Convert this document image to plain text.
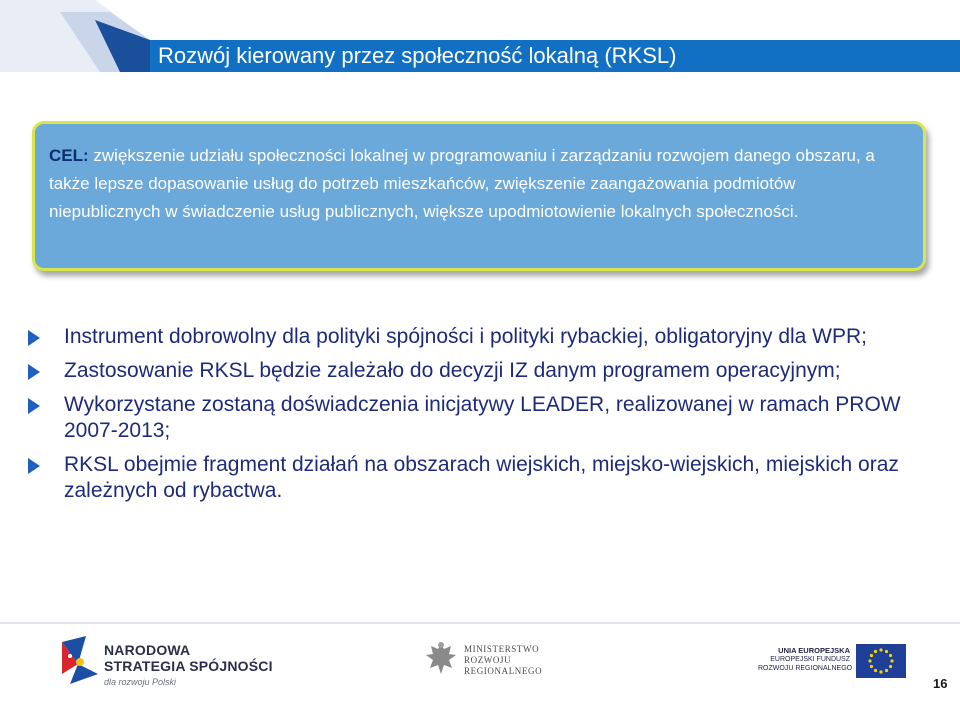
Rozwój kierowany przez społeczność lokalną (RKSL)
CEL: zwiększenie udziału społeczności lokalnej w programowaniu i zarządzaniu rozwojem danego obszaru, a także lepsze dopasowanie usług do potrzeb mieszkańców, zwiększenie zaangażowania podmiotów niepublicznych w świadczenie usług publicznych, większe upodmiotowienie lokalnych społeczności.
Instrument dobrowolny dla polityki spójności i polityki rybackiej, obligatoryjny dla WPR;
Zastosowanie RKSL będzie zależało do decyzji IZ danym programem operacyjnym;
Wykorzystane zostaną doświadczenia inicjatywy LEADER, realizowanej w ramach PROW 2007-2013;
RKSL obejmie fragment działań na obszarach wiejskich, miejsko-wiejskich, miejskich oraz zależnych od rybactwa.
NARODOWA
STRATEGIA SPÓJNOŚCI
dla rozwoju Polski
MINISTERSTWO
ROZWOJU
REGIONALNEGO
UNIA EUROPEJSKA
EUROPEJSKI FUNDUSZ
ROZWOJU REGIONALNEGO
16
